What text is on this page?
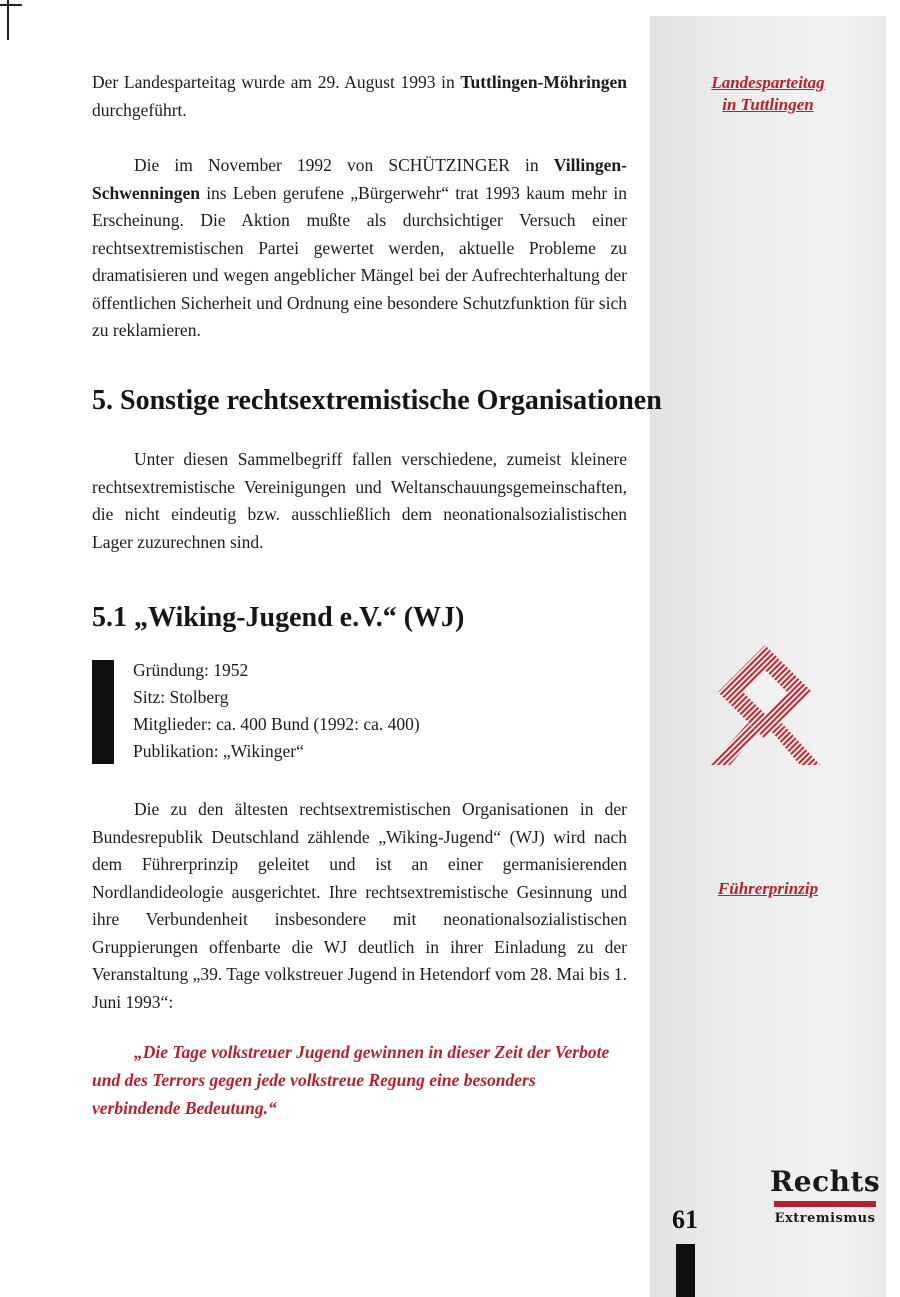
Landesparteitag
in Tuttlingen
Führerprinzip

Der Landesparteitag wurde am 29. August 1993 in Tuttlingen-Möhringen durchgeführt.

Die im November 1992 von SCHÜTZINGER in Villingen-Schwenningen ins Leben gerufene „Bürgerwehr“ trat 1993 kaum mehr in Erscheinung. Die Aktion mußte als durchsichtiger Versuch einer rechtsextremistischen Partei gewertet werden, aktuelle Probleme zu dramatisieren und wegen angeblicher Mängel bei der Aufrechterhaltung der öffentlichen Sicherheit und Ordnung eine besondere Schutzfunktion für sich zu reklamieren.

5. Sonstige rechtsextremistische Organisationen

Unter diesen Sammelbegriff fallen verschiedene, zumeist kleinere rechtsextremistische Vereinigungen und Weltanschauungsgemeinschaften, die nicht eindeutig bzw. ausschließlich dem neonationalsozialistischen Lager zuzurechnen sind.

5.1 „Wiking-Jugend e.V.“ (WJ)
Gründung: 1952
Sitz: Stolberg
Mitglieder: ca. 400 Bund (1992: ca. 400)
Publikation: „Wikinger“

Die zu den ältesten rechtsextremistischen Organisationen in der Bundesrepublik Deutschland zählende „Wiking-Jugend“ (WJ) wird nach dem Führerprinzip geleitet und ist an einer germanisierenden Nordlandideologie ausgerichtet. Ihre rechtsextremistische Gesinnung und ihre Verbundenheit insbesondere mit neonationalsozialistischen Gruppierungen offenbarte die WJ deutlich in ihrer Einladung zu der Veranstaltung „39. Tage volkstreuer Jugend in Hetendorf vom 28. Mai bis 1. Juni 1993“:

„Die Tage volkstreuer Jugend gewinnen in dieser Zeit der Verbote und des Terrors gegen jede volkstreue Regung eine besonders verbindende Bedeutung.“

Rechts
Extremismus
61
